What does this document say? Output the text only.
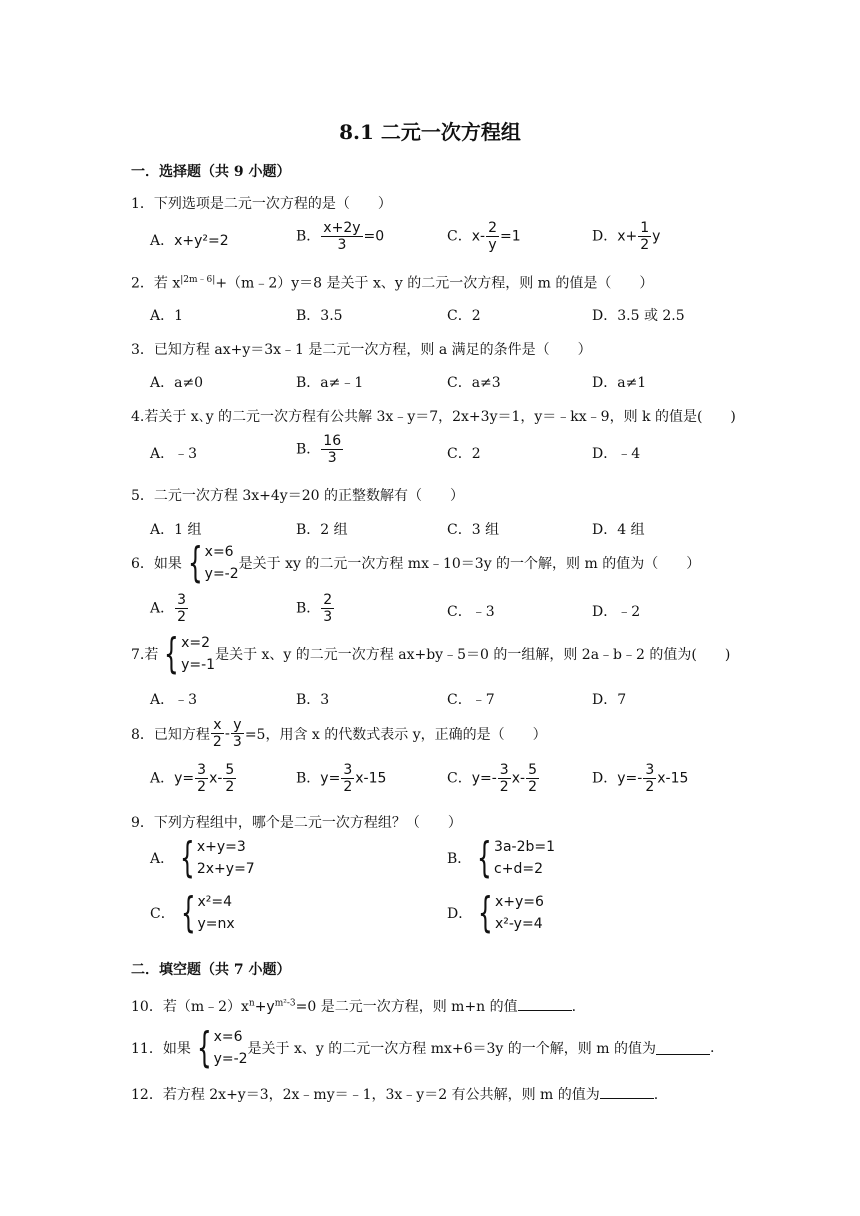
8.1 二元一次方程组
一．选择题（共 9 小题）
1．下列选项是二元一次方程的是（　　）
A．x+y²=2	B． $\frac{x+2y}{3} =0$	C．$x- \frac{2}{y} =1$	D．$x+ \frac{1}{2}$ y
2．若 $x^{|2m﹣6|}+(m﹣2)y=8$ 是关于 x、y 的二元一次方程，则 m 的值是（　　）
A．1	B．3.5	C．2	D．3.5 或 2.5
3．已知方程 ax+y＝3x﹣1 是二元一次方程，则 a 满足的条件是（　　）
A．a≠0	B．a≠﹣1	C．a≠3	D．a≠1
4.若关于 x､y 的二元一次方程有公共解 3x﹣y＝7，2x+3y＝1，y＝﹣kx﹣9，则 k 的值是(　　)
A．﹣3	B． $\frac{16}{3}$	C．2	D．﹣4
5．二元一次方程 3x+4y＝20 的正整数解有（　　）
A．1 组	B．2 组	C．3 组	D．4 组
6．如果 { x=6
y=-2
是关于 xy 的二元一次方程 mx﹣10＝3y 的一个解，则 m 的值为（　　）
A． $\frac{3}{2}$	B． $\frac{2}{3}$	C．﹣3	D．﹣2
7.若 { x=2
y=-1
是关于 x、y 的二元一次方程 ax+by﹣5＝0 的一组解，则 2a﹣b﹣2 的值为(　　)
A．﹣3	B．3	C．﹣7	D．7
8．已知方程 $\frac{x}{2} - \frac{y}{3} =5$，用含 x 的代数式表示 y，正确的是（　　）
A．$y= \frac{3}{2} x- \frac{5}{2}$	B．$y= \frac{3}{2} x-15$	C．$y=- \frac{3}{2} x- \frac{5}{2}$	D．$y=- \frac{3}{2} x-15$
9．下列方程组中，哪个是二元一次方程组？（　　）
A． { x+y=3
2x+y=7
B． { 3a-2b=1
c+d=2
C． { x²=4
y=nx
D． { x+y=6
x²-y=4
二．填空题（共 7 小题）
10．若$(m﹣2)x^n+y^{m^2-3}=0$ 是二元一次方程，则 m+n 的值	.
11．如果 { x=6
y=-2
是关于 x、y 的二元一次方程 mx+6＝3y 的一个解，则 m 的值为	.
12．若方程 2x+y＝3，2x﹣my＝﹣1，3x﹣y＝2 有公共解，则 m 的值为	.
